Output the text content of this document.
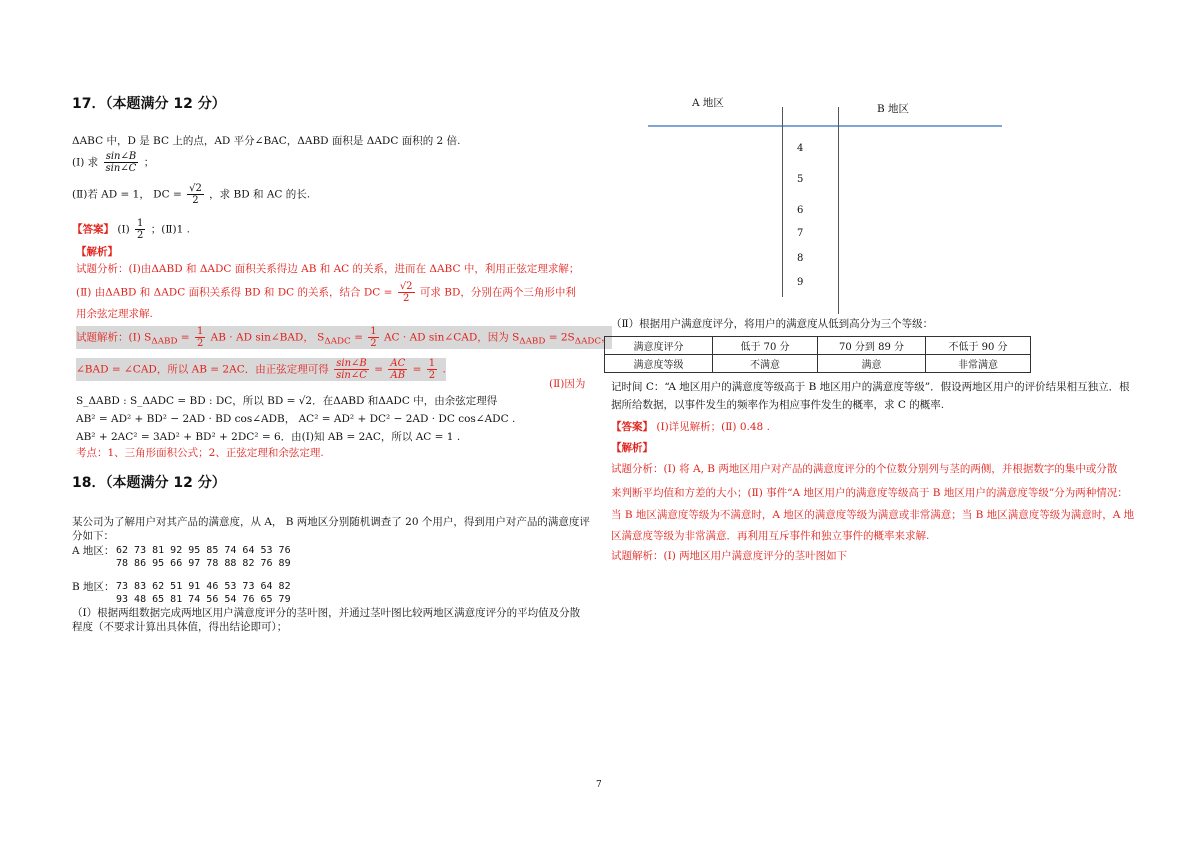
17．（本题满分 12 分）
ΔABC 中，D 是 BC 上的点，AD 平分∠BAC，ΔABD 面积是 ΔADC 面积的 2 倍.
(Ⅰ) 求 $\frac{\sin\angle B}{\sin\angle C}$ ；
(Ⅱ)若 AD = 1， DC = $\frac{√2}{2}$ ，求 BD 和 AC 的长.
【答案】 (Ⅰ) $\frac{1}{2}$ ；(Ⅱ)1 .
【解析】
试题分析：(Ⅰ)由ΔABD 和 ΔADC 面积关系得边 AB 和 AC 的关系，进而在 ΔABC 中，利用正弦定理求解；
(Ⅱ) 由ΔABD 和 ΔADC 面积关系得 BD 和 DC 的关系，结合 DC = $\frac{√2}{2}$ 可求 BD，分别在两个三角形中利
用余弦定理求解.
试题解析：(Ⅰ) $S_{\Delta ABD} = \frac{1}{2}$ AB · AD sin∠BAD， $S_{\Delta ADC} = \frac{1}{2}$ AC · AD sin∠CAD，因为 $S_{\Delta ABD} = 2S_{\Delta ADC}$，
∠BAD = ∠CAD，所以 AB = 2AC．由正弦定理可得 $\frac{\sin\angle B}{\sin\angle C} = \frac{AC}{AB} = \frac{1}{2}$ .
(Ⅱ)因为
S_ΔABD : S_ΔADC = BD : DC，所以 BD = √2．在ΔABD 和ΔADC 中，由余弦定理得
AB² = AD² + BD² − 2AD · BD cos∠ADB， AC² = AD² + DC² − 2AD · DC cos∠ADC .
AB² + 2AC² = 3AD² + BD² + 2DC² = 6．由(Ⅰ)知 AB = 2AC，所以 AC = 1 .
考点：1、三角形面积公式；2、正弦定理和余弦定理.
18．（本题满分 12 分）
某公司为了解用户对其产品的满意度，从 A， B 两地区分别随机调查了 20 个用户，得到用户对产品的满意度评
分如下：
A 地区： 62 73 81 92 95 85 74 64 53 76
78 86 95 66 97 78 88 82 76 89
B 地区： 73 83 62 51 91 46 53 73 64 82
93 48 65 81 74 56 54 76 65 79
（Ⅰ）根据两组数据完成两地区用户满意度评分的茎叶图，并通过茎叶图比较两地区满意度评分的平均值及分散
程度（不要求计算出具体值，得出结论即可）；
A 地区	B 地区
4
5
6
7
8
9
（Ⅱ）根据用户满意度评分，将用户的满意度从低到高分为三个等级：
满意度评分	低于 70 分	70 分到 89 分	不低于 90 分
满意度等级	不满意	满意	非常满意
记时间 C：“A 地区用户的满意度等级高于 B 地区用户的满意度等级”．假设两地区用户的评价结果相互独立．根
据所给数据，以事件发生的频率作为相应事件发生的概率，求 C 的概率.
【答案】 (Ⅰ)详见解析；(Ⅱ) 0.48 .
【解析】
试题分析：(Ⅰ) 将 A, B 两地区用户对产品的满意度评分的个位数分别列与茎的两侧，并根据数字的集中或分散
来判断平均值和方差的大小；(Ⅱ) 事件“A 地区用户的满意度等级高于 B 地区用户的满意度等级”分为两种情况：
当 B 地区满意度等级为不满意时，A 地区的满意度等级为满意或非常满意；当 B 地区满意度等级为满意时，A 地
区满意度等级为非常满意．再利用互斥事件和独立事件的概率来求解.
试题解析：(Ⅰ) 两地区用户满意度评分的茎叶图如下
7
